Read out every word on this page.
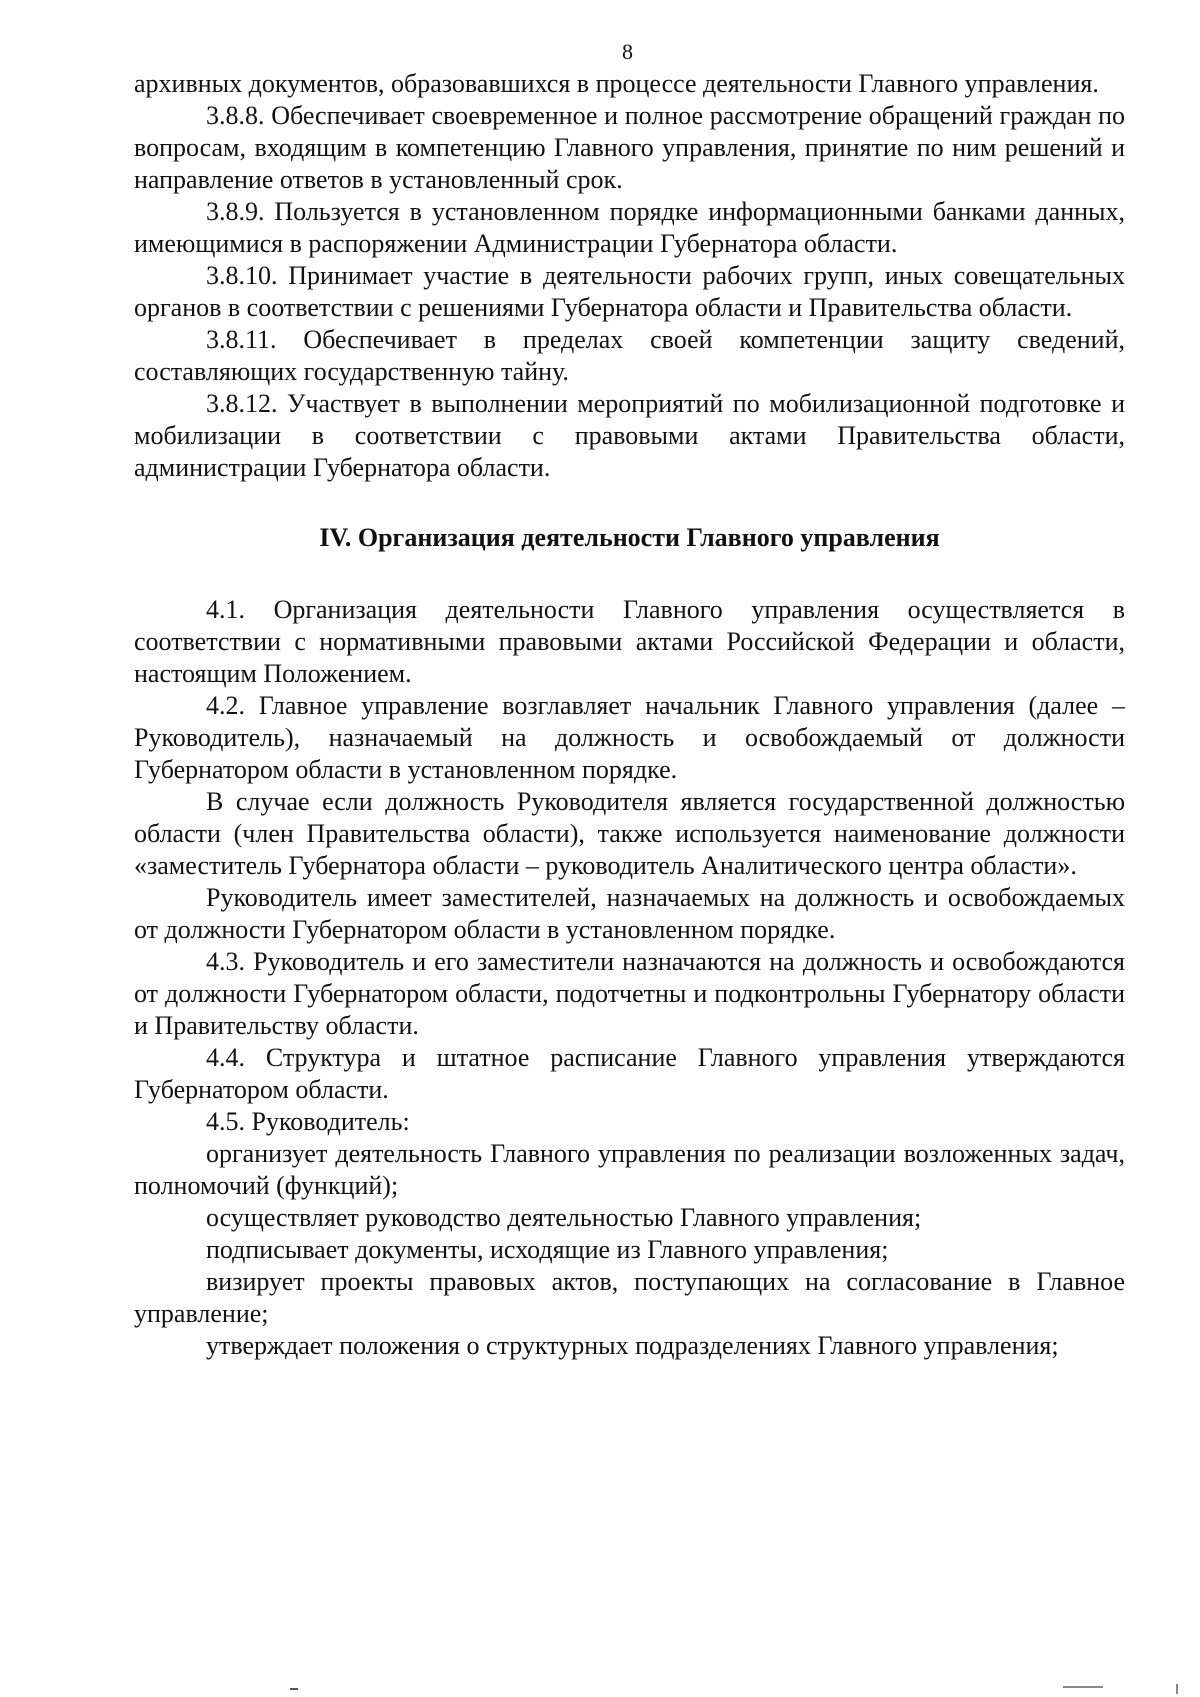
8

архивных документов, образовавшихся в процессе деятельности Главного управления.

3.8.8. Обеспечивает своевременное и полное рассмотрение обращений граждан по вопросам, входящим в компетенцию Главного управления, принятие по ним решений и направление ответов в установленный срок.

3.8.9. Пользуется в установленном порядке информационными банками данных, имеющимися в распоряжении Администрации Губернатора области.

3.8.10. Принимает участие в деятельности рабочих групп, иных совещательных органов в соответствии с решениями Губернатора области и Правительства области.

3.8.11. Обеспечивает в пределах своей компетенции защиту сведений, составляющих государственную тайну.

3.8.12. Участвует в выполнении мероприятий по мобилизационной подготовке и мобилизации в соответствии с правовыми актами Правительства области, администрации Губернатора области.

IV. Организация деятельности Главного управления

4.1. Организация деятельности Главного управления осуществляется в соответствии с нормативными правовыми актами Российской Федерации и области, настоящим Положением.

4.2. Главное управление возглавляет начальник Главного управления (далее – Руководитель), назначаемый на должность и освобождаемый от должности Губернатором области в установленном порядке.

В случае если должность Руководителя является государственной должностью области (член Правительства области), также используется наименование должности «заместитель Губернатора области – руководитель Аналитического центра области».

Руководитель имеет заместителей, назначаемых на должность и освобождаемых от должности Губернатором области в установленном порядке.

4.3. Руководитель и его заместители назначаются на должность и освобождаются от должности Губернатором области, подотчетны и подконтрольны Губернатору области и Правительству области.

4.4. Структура и штатное расписание Главного управления утверждаются Губернатором области.

4.5. Руководитель:

организует деятельность Главного управления по реализации возложенных задач, полномочий (функций);

осуществляет руководство деятельностью Главного управления;

подписывает документы, исходящие из Главного управления;

визирует проекты правовых актов, поступающих на согласование в Главное управление;

утверждает положения о структурных подразделениях Главного управления;
